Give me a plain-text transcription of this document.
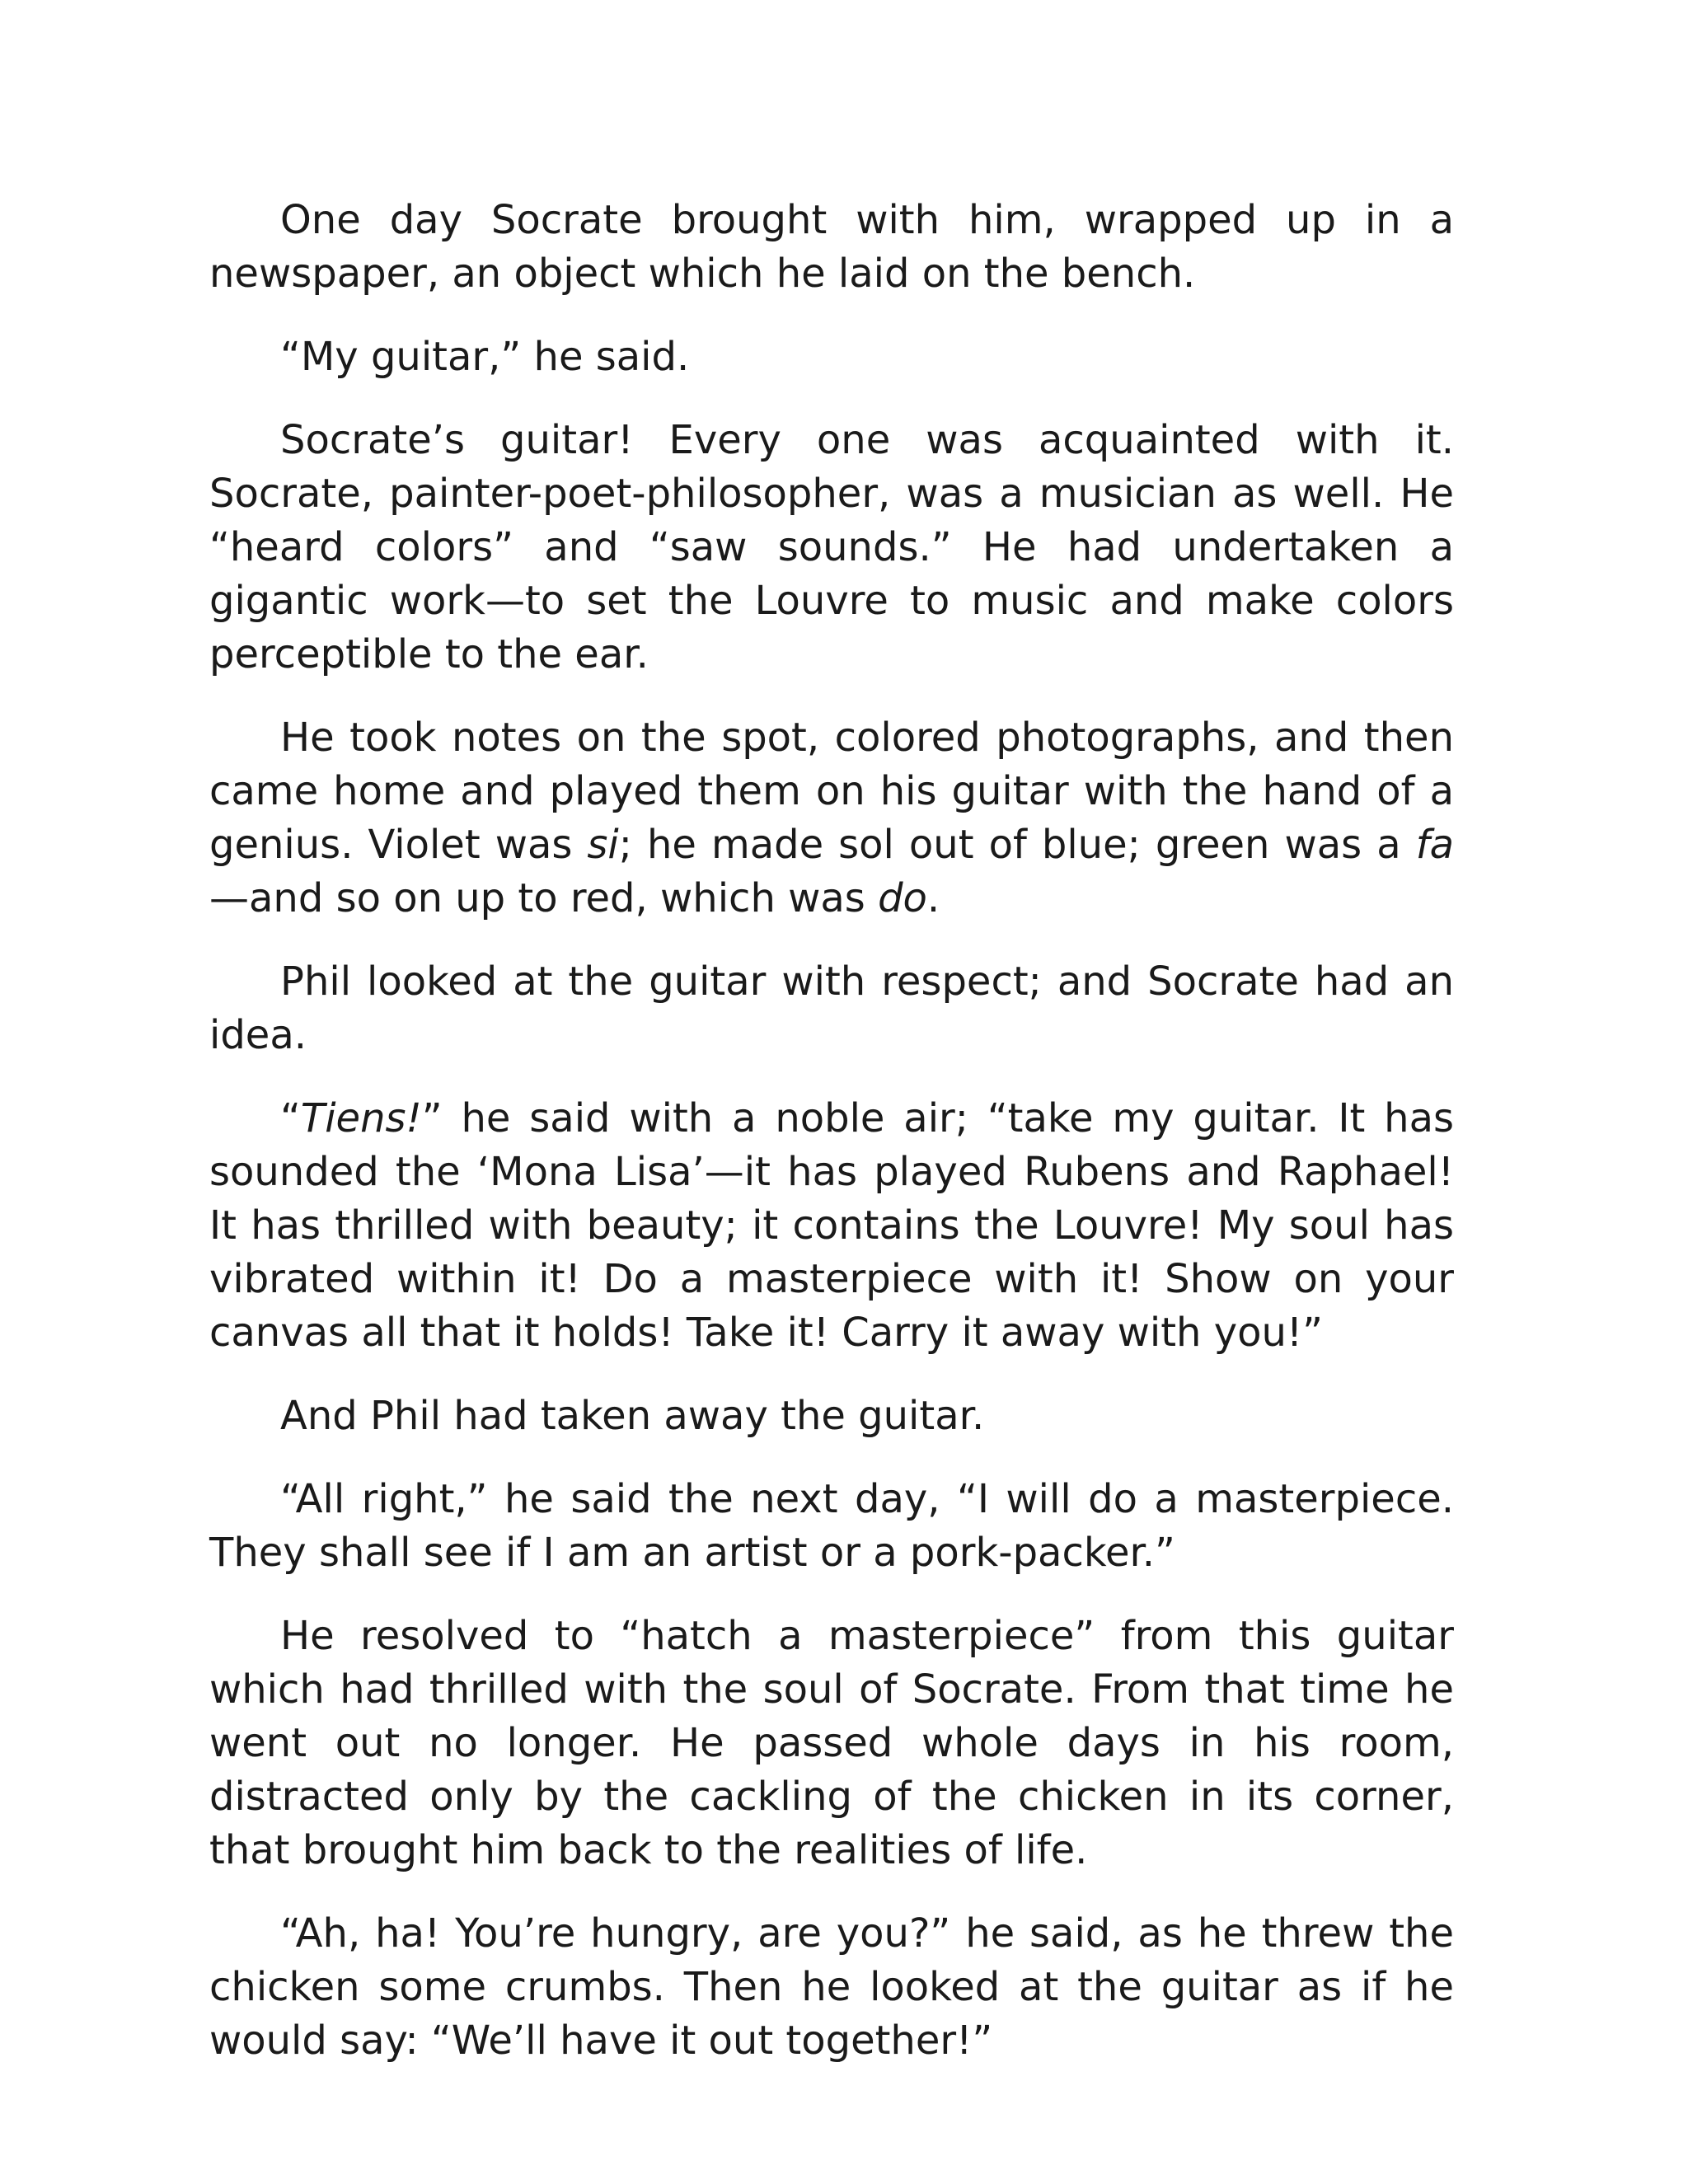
One day Socrate brought with him, wrapped up in a newspaper, an object which he laid on the bench.

“My guitar,” he said.

Socrate’s guitar! Every one was acquainted with it. Socrate, painter-poet-philosopher, was a musician as well. He “heard colors” and “saw sounds.” He had undertaken a gigantic work—to set the Louvre to music and make colors perceptible to the ear.

He took notes on the spot, colored photographs, and then came home and played them on his guitar with the hand of a genius. Violet was si; he made sol out of blue; green was a fa—and so on up to red, which was do.

Phil looked at the guitar with respect; and Socrate had an idea.

“Tiens!” he said with a noble air; “take my guitar. It has sounded the ‘Mona Lisa’—it has played Rubens and Raphael! It has thrilled with beauty; it contains the Louvre! My soul has vibrated within it! Do a masterpiece with it! Show on your canvas all that it holds! Take it! Carry it away with you!”

And Phil had taken away the guitar.

“All right,” he said the next day, “I will do a masterpiece. They shall see if I am an artist or a pork-packer.”

He resolved to “hatch a masterpiece” from this guitar which had thrilled with the soul of Socrate. From that time he went out no longer. He passed whole days in his room, distracted only by the cackling of the chicken in its corner, that brought him back to the realities of life.

“Ah, ha! You’re hungry, are you?” he said, as he threw the chicken some crumbs. Then he looked at the guitar as if he would say: “We’ll have it out together!”
